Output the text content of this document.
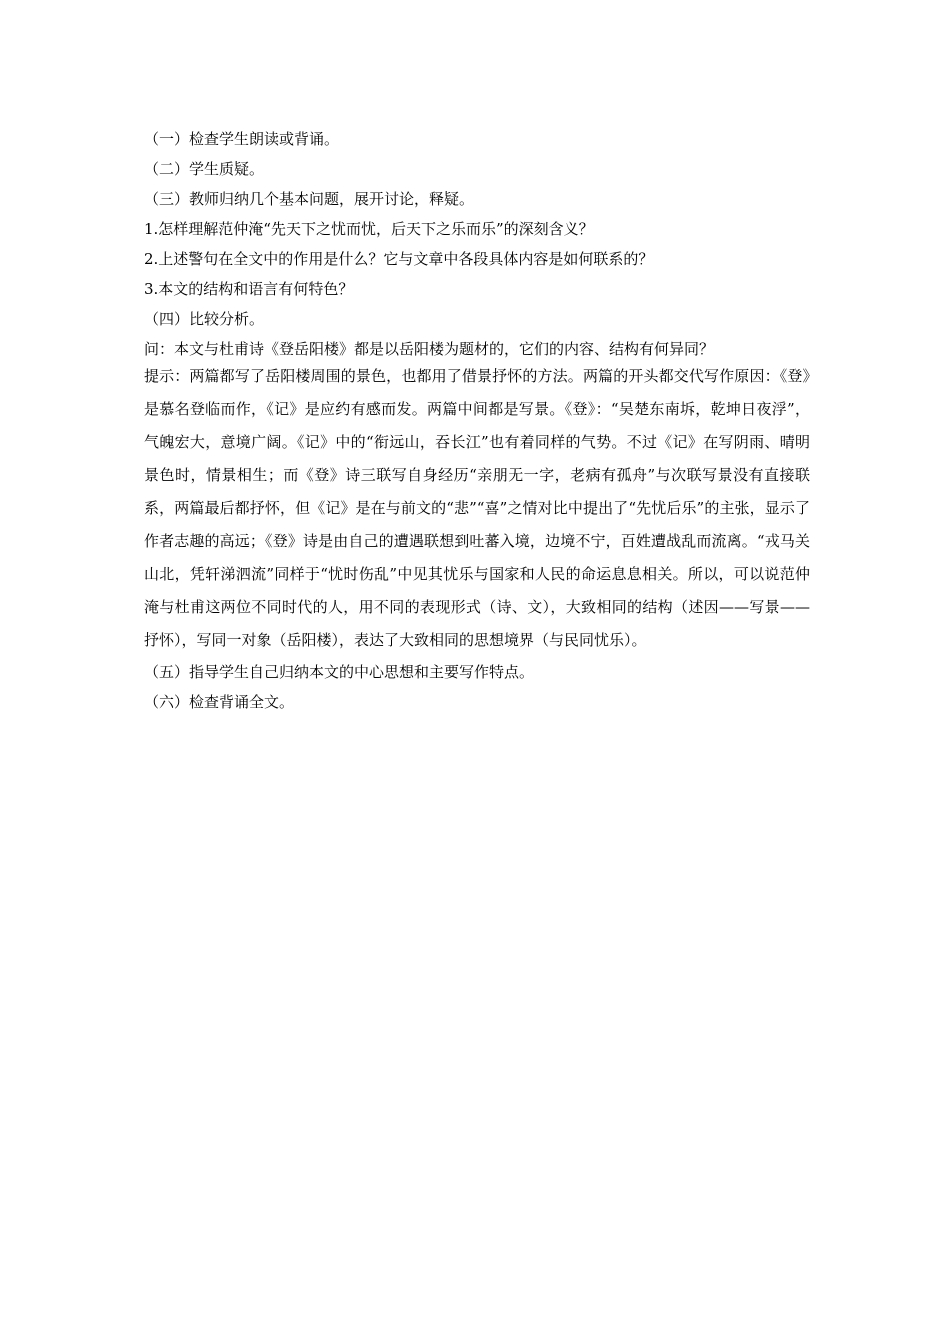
（一）检查学生朗读或背诵。
（二）学生质疑。
（三）教师归纳几个基本问题，展开讨论，释疑。
1.怎样理解范仲淹“先天下之忧而忧，后天下之乐而乐”的深刻含义？
2.上述警句在全文中的作用是什么？它与文章中各段具体内容是如何联系的？
3.本文的结构和语言有何特色？
（四）比较分析。
问：本文与杜甫诗《登岳阳楼》都是以岳阳楼为题材的，它们的内容、结构有何异同？

提示：两篇都写了岳阳楼周围的景色，也都用了借景抒怀的方法。两篇的开头都交代写作原因：《登》是慕名登临而作，《记》是应约有感而发。两篇中间都是写景。《登》：“吴楚东南坼，乾坤日夜浮”，气魄宏大，意境广阔。《记》中的“衔远山，吞长江”也有着同样的气势。不过《记》在写阴雨、晴明景色时，情景相生；而《登》诗三联写自身经历“亲朋无一字，老病有孤舟”与次联写景没有直接联系，两篇最后都抒怀，但《记》是在与前文的“悲”“喜”之情对比中提出了“先忧后乐”的主张，显示了作者志趣的高远；《登》诗是由自己的遭遇联想到吐蕃入境，边境不宁，百姓遭战乱而流离。“戎马关山北，凭轩涕泗流”同样于“忧时伤乱”中见其忧乐与国家和人民的命运息息相关。所以，可以说范仲淹与杜甫这两位不同时代的人，用不同的表现形式（诗、文），大致相同的结构（述因——写景——抒怀），写同一对象（岳阳楼），表达了大致相同的思想境界（与民同忧乐）。

（五）指导学生自己归纳本文的中心思想和主要写作特点。
（六）检查背诵全文。
